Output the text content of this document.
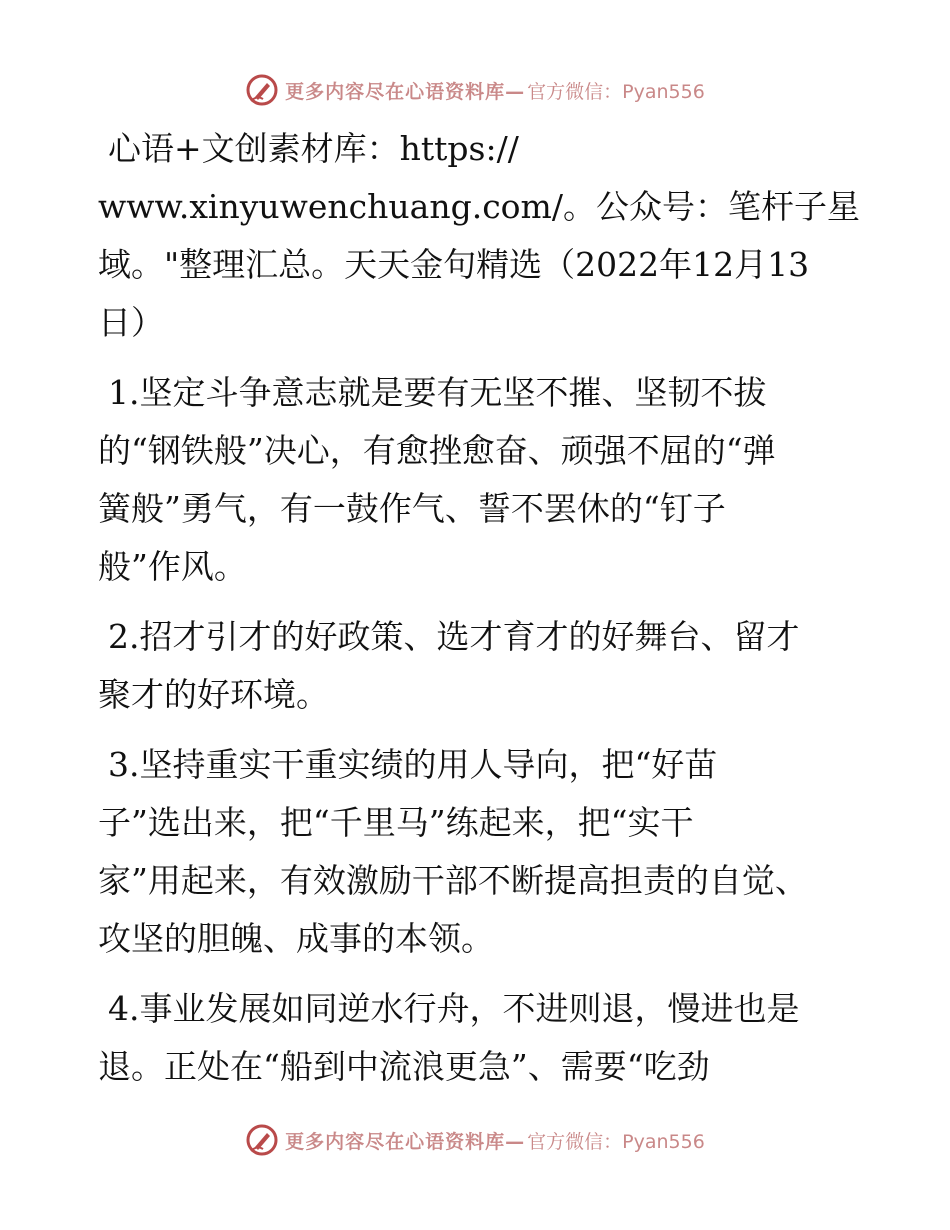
更多内容尽在心语资料库— 官方微信：Pyan556

心语+文创素材库：https://
www.xinyuwenchuang.com/。公众号：笔杆子星
域。"整理汇总。天天金句精选（2022年12月13
日）

1.坚定斗争意志就是要有无坚不摧、坚韧不拔
的“钢铁般”决心，有愈挫愈奋、顽强不屈的“弹
簧般”勇气，有一鼓作气、誓不罢休的“钉子
般”作风。

2.招才引才的好政策、选才育才的好舞台、留才
聚才的好环境。

3.坚持重实干重实绩的用人导向，把“好苗
子”选出来，把“千里马”练起来，把“实干
家”用起来，有效激励干部不断提高担责的自觉、
攻坚的胆魄、成事的本领。

4.事业发展如同逆水行舟，不进则退，慢进也是
退。正处在“船到中流浪更急”、需要“吃劲

更多内容尽在心语资料库— 官方微信：Pyan556
